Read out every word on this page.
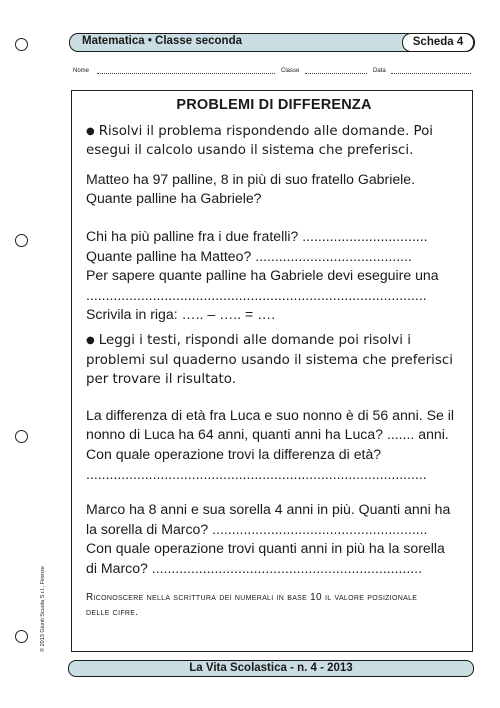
Matematica • Classe seconda	Scheda 4
Nome	Classe	Data
PROBLEMI DI DIFFERENZA

● Risolvi il problema rispondendo alle domande. Poi esegui il calcolo usando il sistema che preferisci.

Matteo ha 97 palline, 8 in più di suo fratello Gabriele.

Quante palline ha Gabriele?

Chi ha più palline fra i due fratelli? ................................

Quante palline ha Matteo? ........................................

Per sapere quante palline ha Gabriele devi eseguire una

.......................................................................................

Scrivila in riga: ….. – ….. = ….

● Leggi i testi, rispondi alle domande poi risolvi i problemi sul quaderno usando il sistema che preferisci per trovare il risultato.

La differenza di età fra Luca e suo nonno è di 56 anni. Se il

nonno di Luca ha 64 anni, quanti anni ha Luca? ....... anni.

Con quale operazione trovi la differenza di età?

.......................................................................................

Marco ha 8 anni e sua sorella 4 anni in più. Quanti anni ha

la sorella di Marco? .......................................................

Con quale operazione trovi quanti anni in più ha la sorella

di Marco? .....................................................................

Riconoscere nella scrittura dei numerali in base 10 il valore posizionale
delle cifre.
La Vita Scolastica - n. 4 - 2013
© 2013 Giunti Scuola S.r.l., Firenze
